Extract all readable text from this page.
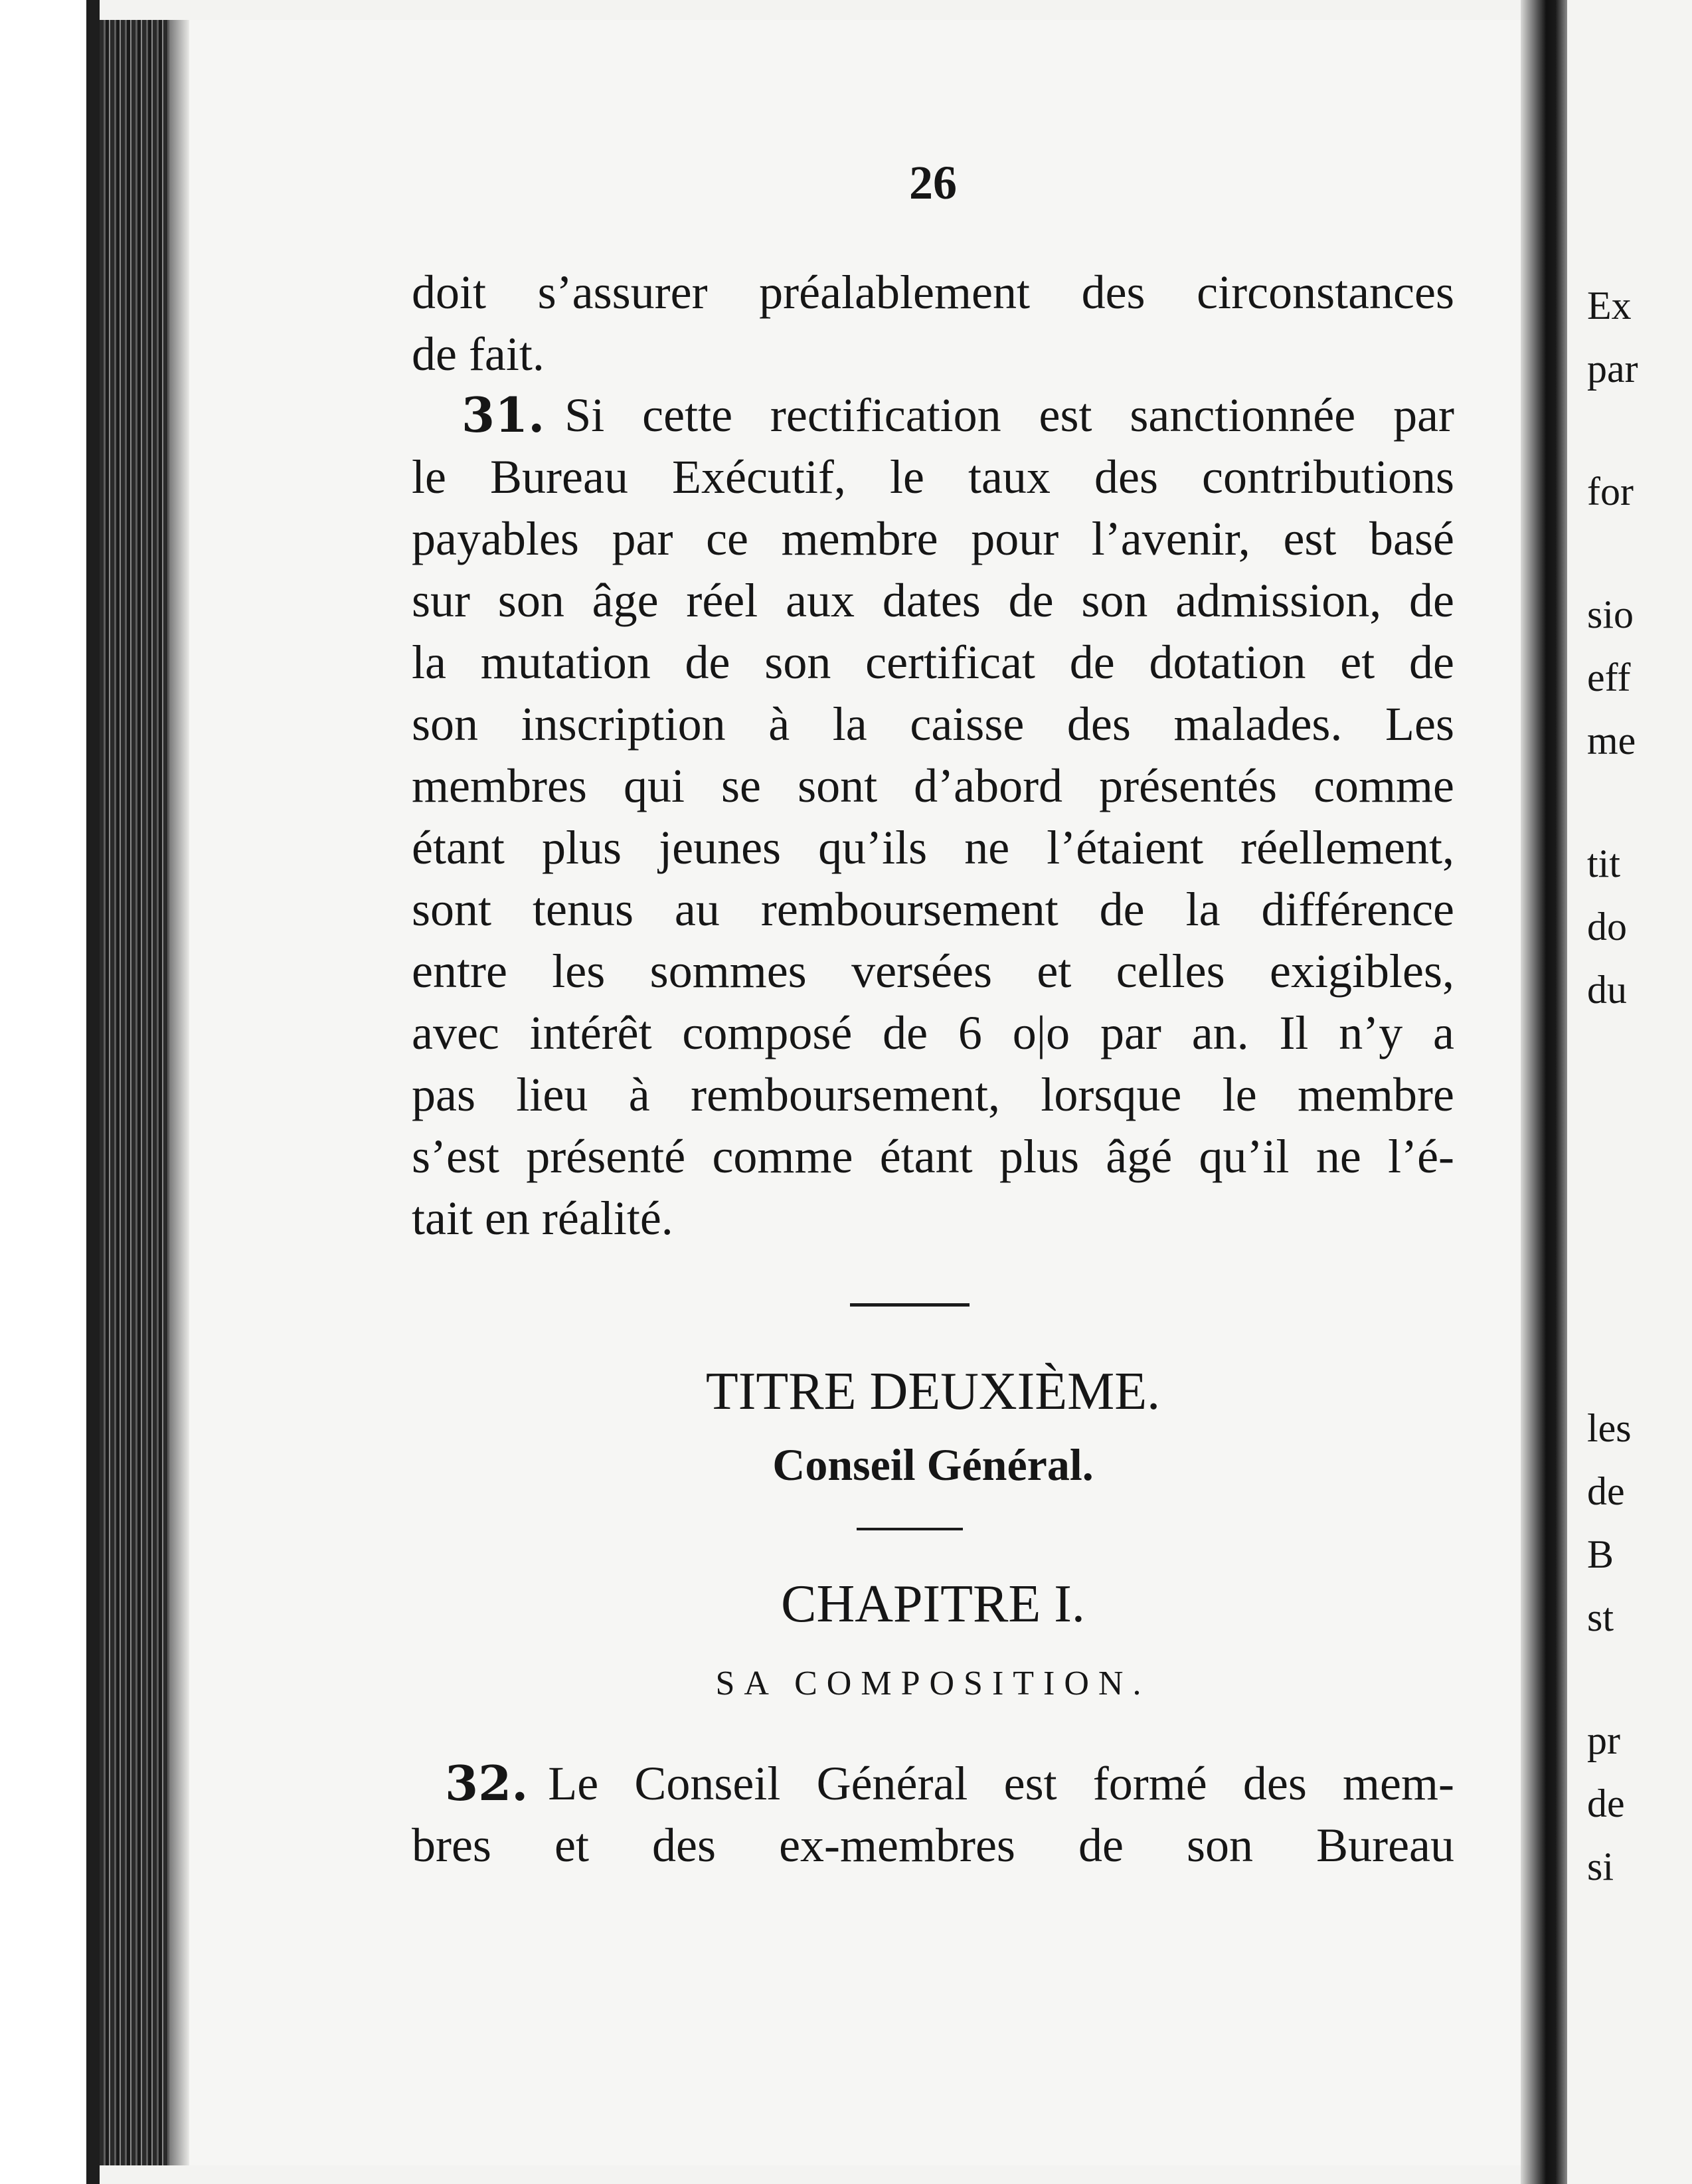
Ex
par
for
sio
eff
me
tit
do
du
les
de
B
st
pr
de
si
26
doit s’assurer préalablement des circonstances
de fait.
31. Si cette rectification est sanctionnée par
le Bureau Exécutif, le taux des contributions
payables par ce membre pour l’avenir, est basé
sur son âge réel aux dates de son admission, de
la mutation de son certificat de dotation et de
son inscription à la caisse des malades. Les
membres qui se sont d’abord présentés comme
étant plus jeunes qu’ils ne l’étaient réellement,
sont tenus au remboursement de la différence
entre les sommes versées et celles exigibles,
avec intérêt composé de 6 o|o par an. Il n’y a
pas lieu à remboursement, lorsque le membre
s’est présenté comme étant plus âgé qu’il ne l’é-
tait en réalité.
TITRE DEUXIÈME.
Conseil Général.
CHAPITRE I.
SA COMPOSITION.
32. Le Conseil Général est formé des mem-
bres et des ex-membres de son Bureau
